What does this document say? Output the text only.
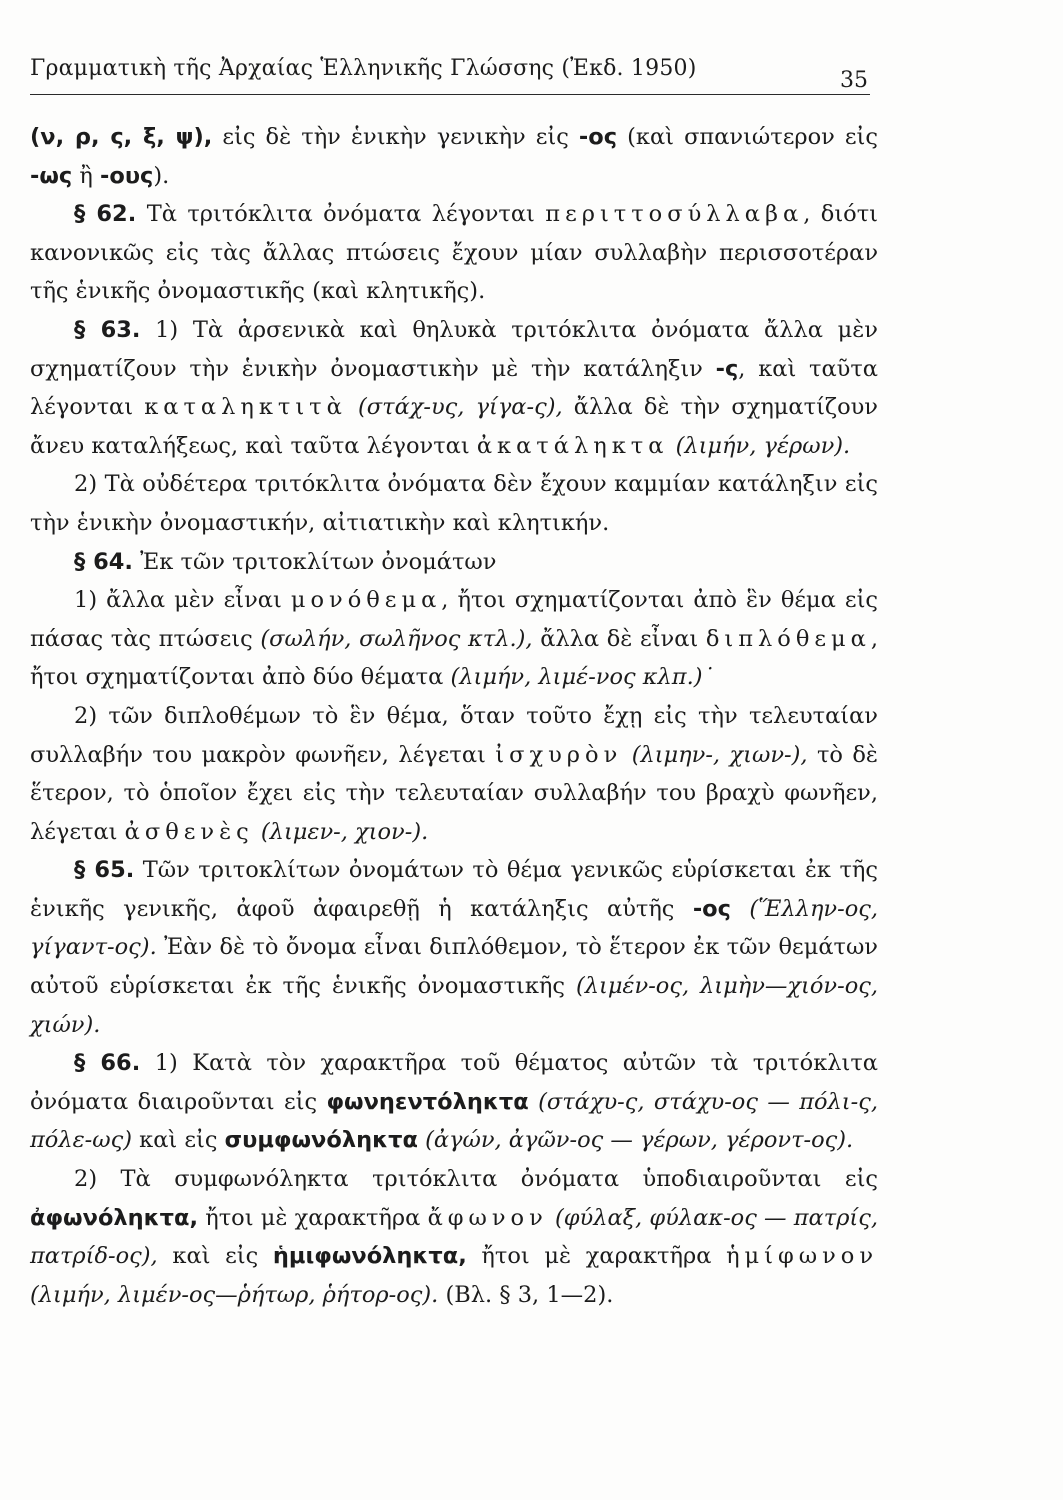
Γραμματικὴ τῆς Ἀρχαίας Ἑλληνικῆς Γλώσσης (Ἐκδ. 1950)	35

(ν, ρ, ς, ξ, ψ), εἰς δὲ τὴν ἑνικὴν γενικὴν εἰς -ος (καὶ σπανιώτερον εἰς -ως ἢ -ους).

§ 62. Τὰ τριτόκλιτα ὀνόματα λέγονται περιττοσύλλαβα, διότι κανονικῶς εἰς τὰς ἄλλας πτώσεις ἔχουν μίαν συλλαβὴν περισσοτέραν τῆς ἑνικῆς ὀνομαστικῆς (καὶ κλητικῆς).

§ 63. 1) Τὰ ἀρσενικὰ καὶ θηλυκὰ τριτόκλιτα ὀνόματα ἄλλα μὲν σχηματίζουν τὴν ἑνικὴν ὀνομαστικὴν μὲ τὴν κατάληξιν -ς, καὶ ταῦτα λέγονται καταληκτιτὰ (στάχ-υς, γίγα-ς), ἄλλα δὲ τὴν σχηματίζουν ἄνευ καταλήξεως, καὶ ταῦτα λέγονται ἀκατάληκτα (λιμήν, γέρων).

2) Τὰ οὐδέτερα τριτόκλιτα ὀνόματα δὲν ἔχουν καμμίαν κατάληξιν εἰς τὴν ἑνικὴν ὀνομαστικήν, αἰτιατικὴν καὶ κλητικήν.

§ 64. Ἐκ τῶν τριτοκλίτων ὀνομάτων

1) ἄλλα μὲν εἶναι μονόθεμα, ἤτοι σχηματίζονται ἀπὸ ἓν θέμα εἰς πάσας τὰς πτώσεις (σωλήν, σωλῆνος κτλ.), ἄλλα δὲ εἶναι διπλόθεμα, ἤτοι σχηματίζονται ἀπὸ δύο θέματα (λιμήν, λιμέ-νος κλπ.)˙

2) τῶν διπλοθέμων τὸ ἓν θέμα, ὅταν τοῦτο ἔχῃ εἰς τὴν τελευταίαν συλλαβήν του μακρὸν φωνῆεν, λέγεται ἰσχυρὸν (λιμην-, χιων-), τὸ δὲ ἕτερον, τὸ ὁποῖον ἔχει εἰς τὴν τελευταίαν συλλαβήν του βραχὺ φωνῆεν, λέγεται ἀσθενὲς (λιμεν-, χιον-).

§ 65. Τῶν τριτοκλίτων ὀνομάτων τὸ θέμα γενικῶς εὑρίσκεται ἐκ τῆς ἑνικῆς γενικῆς, ἀφοῦ ἀφαιρεθῇ ἡ κατάληξις αὐτῆς -ος (Ἕλλην-ος, γίγαντ-ος). Ἐὰν δὲ τὸ ὄνομα εἶναι διπλόθεμον, τὸ ἕτερον ἐκ τῶν θεμάτων αὐτοῦ εὑρίσκεται ἐκ τῆς ἑνικῆς ὀνομαστικῆς (λιμέν-ος, λιμὴν—χιόν-ος, χιών).

§ 66. 1) Κατὰ τὸν χαρακτῆρα τοῦ θέματος αὐτῶν τὰ τριτόκλιτα ὀνόματα διαιροῦνται εἰς φωνηεντόληκτα (στάχυ-ς, στάχυ-ος — πόλι-ς, πόλε-ως) καὶ εἰς συμφωνόληκτα (ἀγών, ἀγῶν-ος — γέρων, γέροντ-ος).

2) Τὰ συμφωνόληκτα τριτόκλιτα ὀνόματα ὑποδιαιροῦνται εἰς ἀφωνόληκτα, ἤτοι μὲ χαρακτῆρα ἄφωνον (φύλαξ, φύλακ-ος — πατρίς, πατρίδ-ος), καὶ εἰς ἡμιφωνόληκτα, ἤτοι μὲ χαρακτῆρα ἡμίφωνον (λιμήν, λιμέν-ος—ῥήτωρ, ῥήτορ-ος). (Βλ. § 3, 1—2).
